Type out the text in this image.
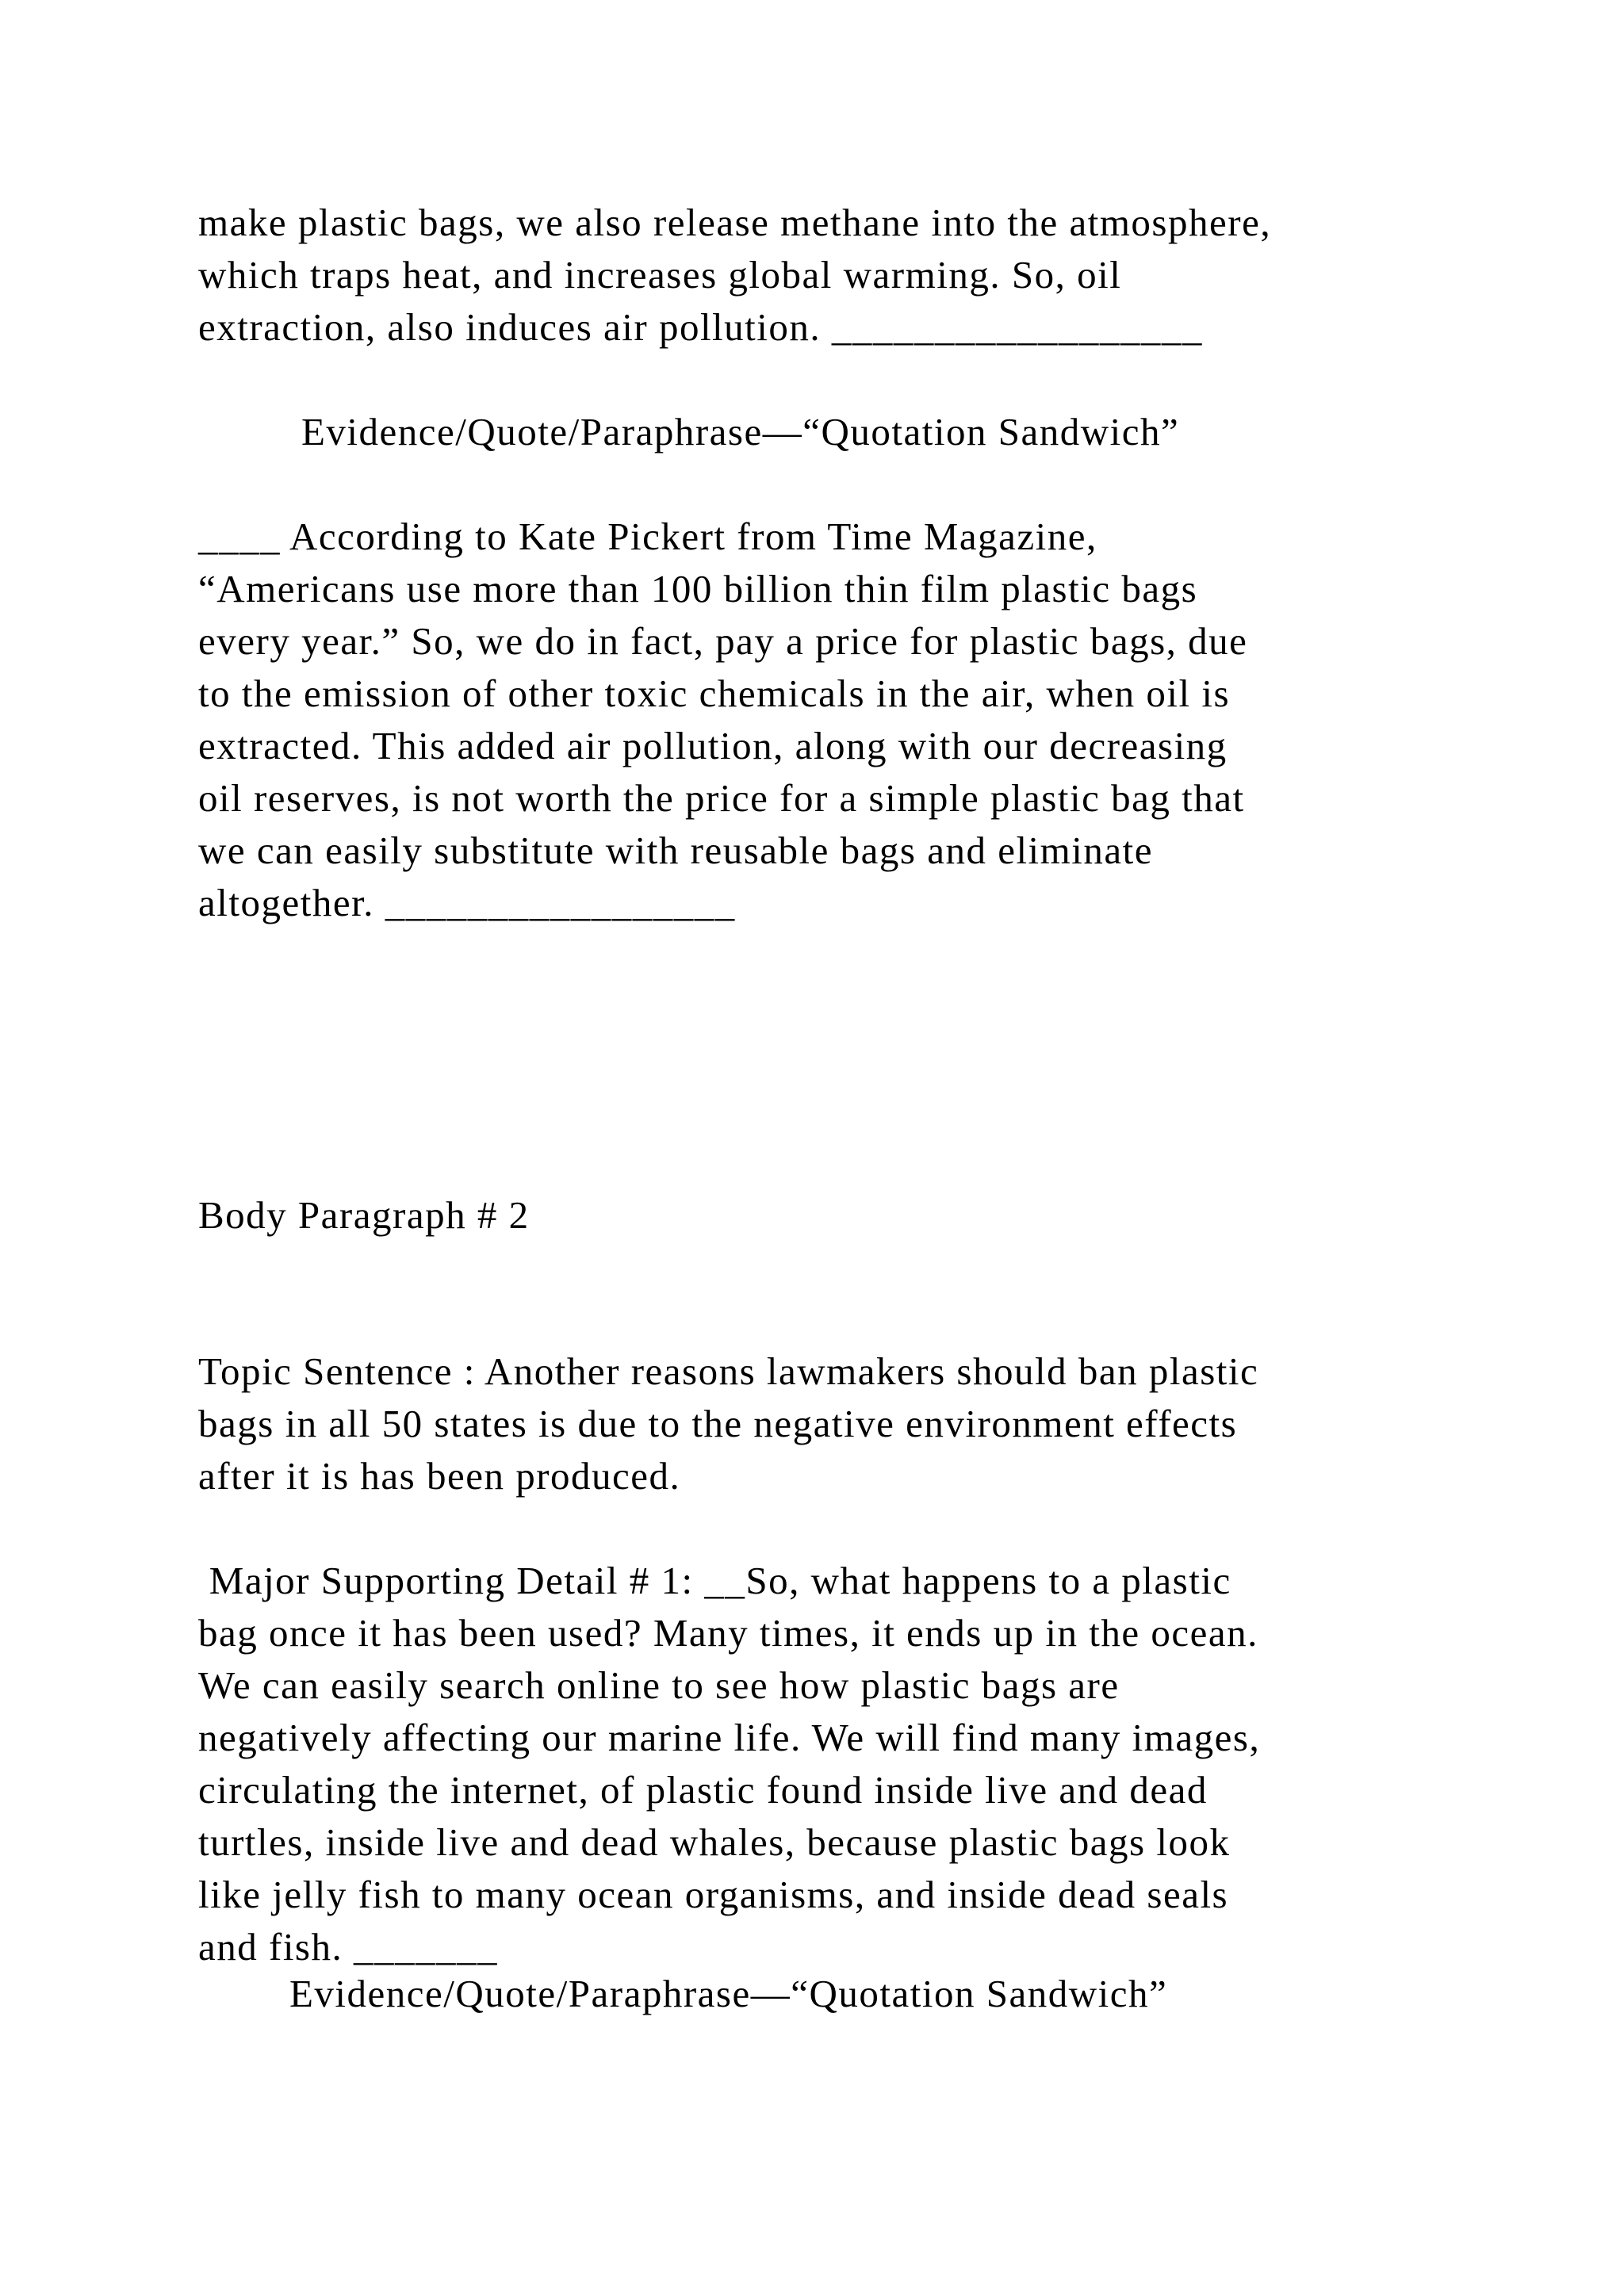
make plastic bags, we also release methane into the atmosphere,
which traps heat, and increases global warming. So, oil
extraction, also induces air pollution. __________________

Evidence/Quote/Paraphrase—“Quotation Sandwich”

____ According to Kate Pickert from Time Magazine,
“Americans use more than 100 billion thin film plastic bags
every year.” So, we do in fact, pay a price for plastic bags, due
to the emission of other toxic chemicals in the air, when oil is
extracted. This added air pollution, along with our decreasing
oil reserves, is not worth the price for a simple plastic bag that
we can easily substitute with reusable bags and eliminate
altogether. _________________

Body Paragraph # 2

Topic Sentence : Another reasons lawmakers should ban plastic
bags in all 50 states is due to the negative environment effects
after it is has been produced.
Major Supporting Detail # 1: __So, what happens to a plastic
bag once it has been used? Many times, it ends up in the ocean.
We can easily search online to see how plastic bags are
negatively affecting our marine life. We will find many images,
circulating the internet, of plastic found inside live and dead
turtles, inside live and dead whales, because plastic bags look
like jelly fish to many ocean organisms, and inside dead seals
and fish. _______

Evidence/Quote/Paraphrase—“Quotation Sandwich”
